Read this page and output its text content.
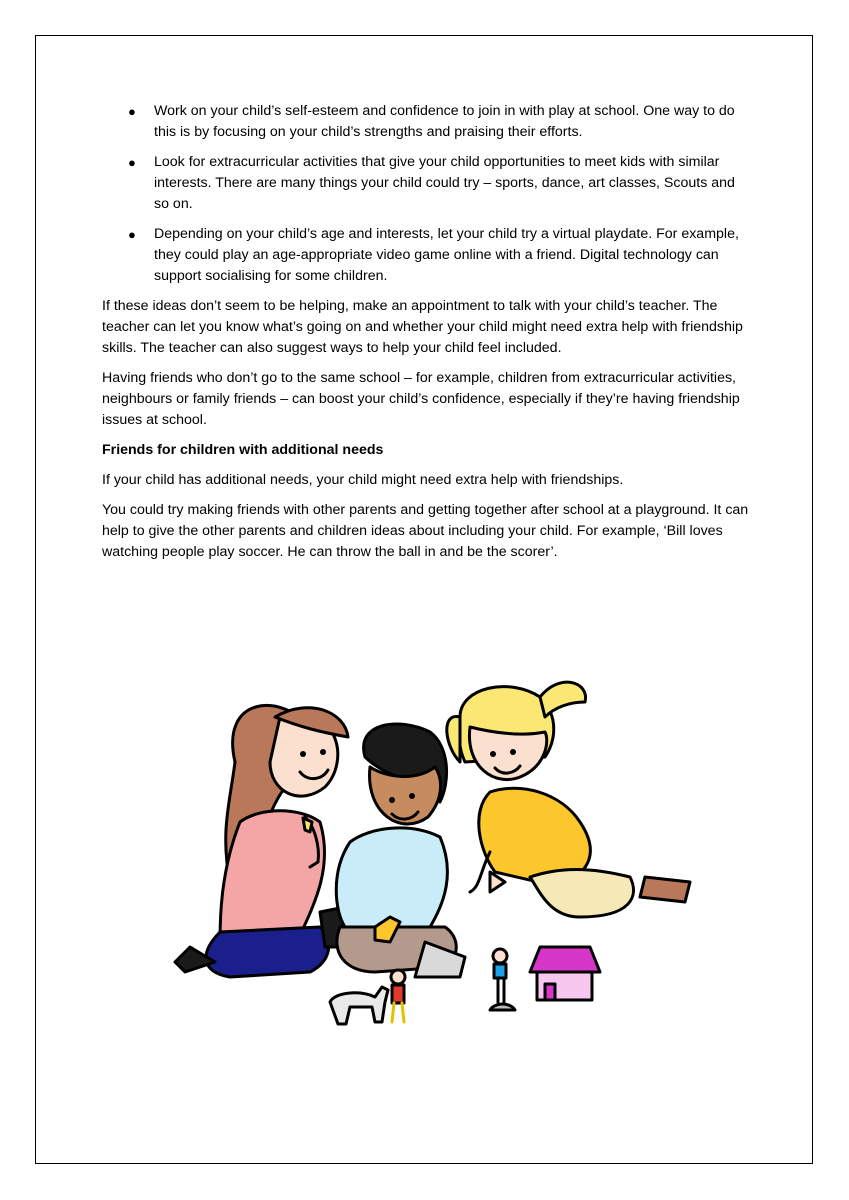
● Work on your child’s self-esteem and confidence to join in with play at school. One way to do this is by focusing on your child’s strengths and praising their efforts.
● Look for extracurricular activities that give your child opportunities to meet kids with similar interests. There are many things your child could try – sports, dance, art classes, Scouts and so on.
● Depending on your child’s age and interests, let your child try a virtual playdate. For example, they could play an age-appropriate video game online with a friend. Digital technology can support socialising for some children.

If these ideas don’t seem to be helping, make an appointment to talk with your child’s teacher. The teacher can let you know what’s going on and whether your child might need extra help with friendship skills. The teacher can also suggest ways to help your child feel included.

Having friends who don’t go to the same school – for example, children from extracurricular activities, neighbours or family friends – can boost your child’s confidence, especially if they’re having friendship issues at school.

Friends for children with additional needs

If your child has additional needs, your child might need extra help with friendships.

You could try making friends with other parents and getting together after school at a playground. It can help to give the other parents and children ideas about including your child. For example, ‘Bill loves watching people play soccer. He can throw the ball in and be the scorer’.
